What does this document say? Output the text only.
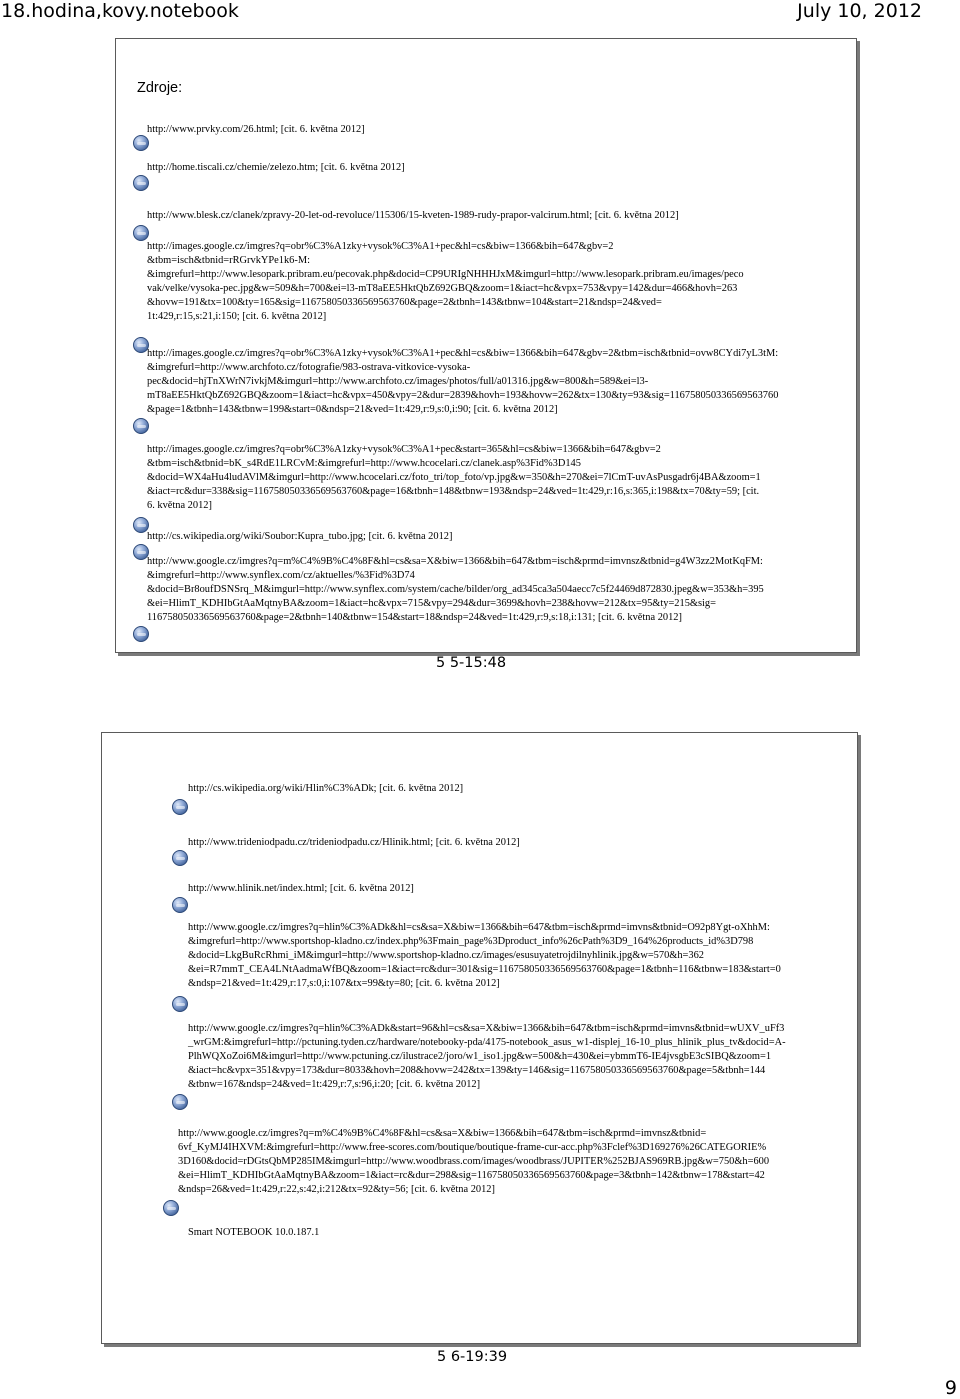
18.hodina,kovy.notebook	July 10, 2012
Zdroje:
http://www.prvky.com/26.html; [cit. 6. května 2012]
http://home.tiscali.cz/chemie/zelezo.htm; [cit. 6. května 2012]
http://www.blesk.cz/clanek/zpravy-20-let-od-revoluce/115306/15-kveten-1989-rudy-prapor-valcirum.html; [cit. 6. května 2012]
http://images.google.cz/imgres?q=obr%C3%A1zky+vysok%C3%A1+pec&hl=cs&biw=1366&bih=647&gbv=2
&tbm=isch&tbnid=rRGrvkYPe1k6-M:
&imgrefurl=http://www.lesopark.pribram.eu/pecovak.php&docid=CP9URIgNHHHJxM&imgurl=http://www.lesopark.pribram.eu/images/peco
vak/velke/vysoka-pec.jpg&w=509&h=700&ei=l3-mT8aEE5HktQbZ692GBQ&zoom=1&iact=hc&vpx=753&vpy=142&dur=466&hovh=263
&hovw=191&tx=100&ty=165&sig=116758050336569563760&page=2&tbnh=143&tbnw=104&start=21&ndsp=24&ved=
1t:429,r:15,s:21,i:150; [cit. 6. května 2012]
http://images.google.cz/imgres?q=obr%C3%A1zky+vysok%C3%A1+pec&hl=cs&biw=1366&bih=647&gbv=2&tbm=isch&tbnid=ovw8CYdi7yL3tM:
&imgrefurl=http://www.archfoto.cz/fotografie/983-ostrava-vitkovice-vysoka-
pec&docid=hjTnXWrN7ivkjM&imgurl=http://www.archfoto.cz/images/photos/full/a01316.jpg&w=800&h=589&ei=l3-
mT8aEE5HktQbZ692GBQ&zoom=1&iact=hc&vpx=450&vpy=2&dur=2839&hovh=193&hovw=262&tx=130&ty=93&sig=116758050336569563760
&page=1&tbnh=143&tbnw=199&start=0&ndsp=21&ved=1t:429,r:9,s:0,i:90; [cit. 6. května 2012]
http://images.google.cz/imgres?q=obr%C3%A1zky+vysok%C3%A1+pec&start=365&hl=cs&biw=1366&bih=647&gbv=2
&tbm=isch&tbnid=bK_s4RdE1LRCvM:&imgrefurl=http://www.hcocelari.cz/clanek.asp%3Fid%3D145
&docid=WX4aHu4ludAVlM&imgurl=http://www.hcocelari.cz/foto_tri/top_foto/vp.jpg&w=350&h=270&ei=7lCmT-uvAsPusgadr6j4BA&zoom=1
&iact=rc&dur=338&sig=116758050336569563760&page=16&tbnh=148&tbnw=193&ndsp=24&ved=1t:429,r:16,s:365,i:198&tx=70&ty=59; [cit.
6. května 2012]
http://cs.wikipedia.org/wiki/Soubor:Kupra_tubo.jpg; [cit. 6. května 2012]
http://www.google.cz/imgres?q=m%C4%9B%C4%8F&hl=cs&sa=X&biw=1366&bih=647&tbm=isch&prmd=imvnsz&tbnid=g4W3zz2MotKqFM:
&imgrefurl=http://www.synflex.com/cz/aktuelles/%3Fid%3D74
&docid=Br8oufDSNSrq_M&imgurl=http://www.synflex.com/system/cache/bilder/org_ad345ca3a504aecc7c5f24469d872830.jpeg&w=353&h=395
&ei=HlimT_KDHIbGtAaMqtnyBA&zoom=1&iact=hc&vpx=715&vpy=294&dur=3699&hovh=238&hovw=212&tx=95&ty=215&sig=
116758050336569563760&page=2&tbnh=140&tbnw=154&start=18&ndsp=24&ved=1t:429,r:9,s:18,i:131; [cit. 6. května 2012]
5 5-15:48
http://cs.wikipedia.org/wiki/Hlin%C3%ADk; [cit. 6. května 2012]
http://www.trideniodpadu.cz/trideniodpadu.cz/Hlinik.html; [cit. 6. května 2012]
http://www.hlinik.net/index.html; [cit. 6. května 2012]
http://www.google.cz/imgres?q=hlin%C3%ADk&hl=cs&sa=X&biw=1366&bih=647&tbm=isch&prmd=imvns&tbnid=O92p8Ygt-oXhhM:
&imgrefurl=http://www.sportshop-kladno.cz/index.php%3Fmain_page%3Dproduct_info%26cPath%3D9_164%26products_id%3D798
&docid=LkgBuRcRhmi_iM&imgurl=http://www.sportshop-kladno.cz/images/esusuyatetrojdilnyhlinik.jpg&w=570&h=362
&ei=R7mmT_CEA4LNtAadmaWfBQ&zoom=1&iact=rc&dur=301&sig=116758050336569563760&page=1&tbnh=116&tbnw=183&start=0
&ndsp=21&ved=1t:429,r:17,s:0,i:107&tx=99&ty=80; [cit. 6. května 2012]
http://www.google.cz/imgres?q=hlin%C3%ADk&start=96&hl=cs&sa=X&biw=1366&bih=647&tbm=isch&prmd=imvns&tbnid=wUXV_uFf3
_wrGM:&imgrefurl=http://pctuning.tyden.cz/hardware/notebooky-pda/4175-notebook_asus_w1-displej_16-10_plus_hlinik_plus_tv&docid=A-
PlhWQXoZoi6M&imgurl=http://www.pctuning.cz/ilustrace2/joro/w1_iso1.jpg&w=500&h=430&ei=ybmmT6-IE4jvsgbE3cSIBQ&zoom=1
&iact=hc&vpx=351&vpy=173&dur=8033&hovh=208&hovw=242&tx=139&ty=146&sig=116758050336569563760&page=5&tbnh=144
&tbnw=167&ndsp=24&ved=1t:429,r:7,s:96,i:20; [cit. 6. května 2012]
http://www.google.cz/imgres?q=m%C4%9B%C4%8F&hl=cs&sa=X&biw=1366&bih=647&tbm=isch&prmd=imvnsz&tbnid=
6vf_KyMJ4IHXVM:&imgrefurl=http://www.free-scores.com/boutique/boutique-frame-cur-acc.php%3Fclef%3D169276%26CATEGORIE%
3D160&docid=rDGtsQbMP285IM&imgurl=http://www.woodbrass.com/images/woodbrass/JUPITER%252BJAS969RB.jpg&w=750&h=600
&ei=HlimT_KDHIbGtAaMqtnyBA&zoom=1&iact=rc&dur=298&sig=116758050336569563760&page=3&tbnh=142&tbnw=178&start=42
&ndsp=26&ved=1t:429,r:22,s:42,i:212&tx=92&ty=56; [cit. 6. května 2012]
Smart NOTEBOOK 10.0.187.1
5 6-19:39
9
